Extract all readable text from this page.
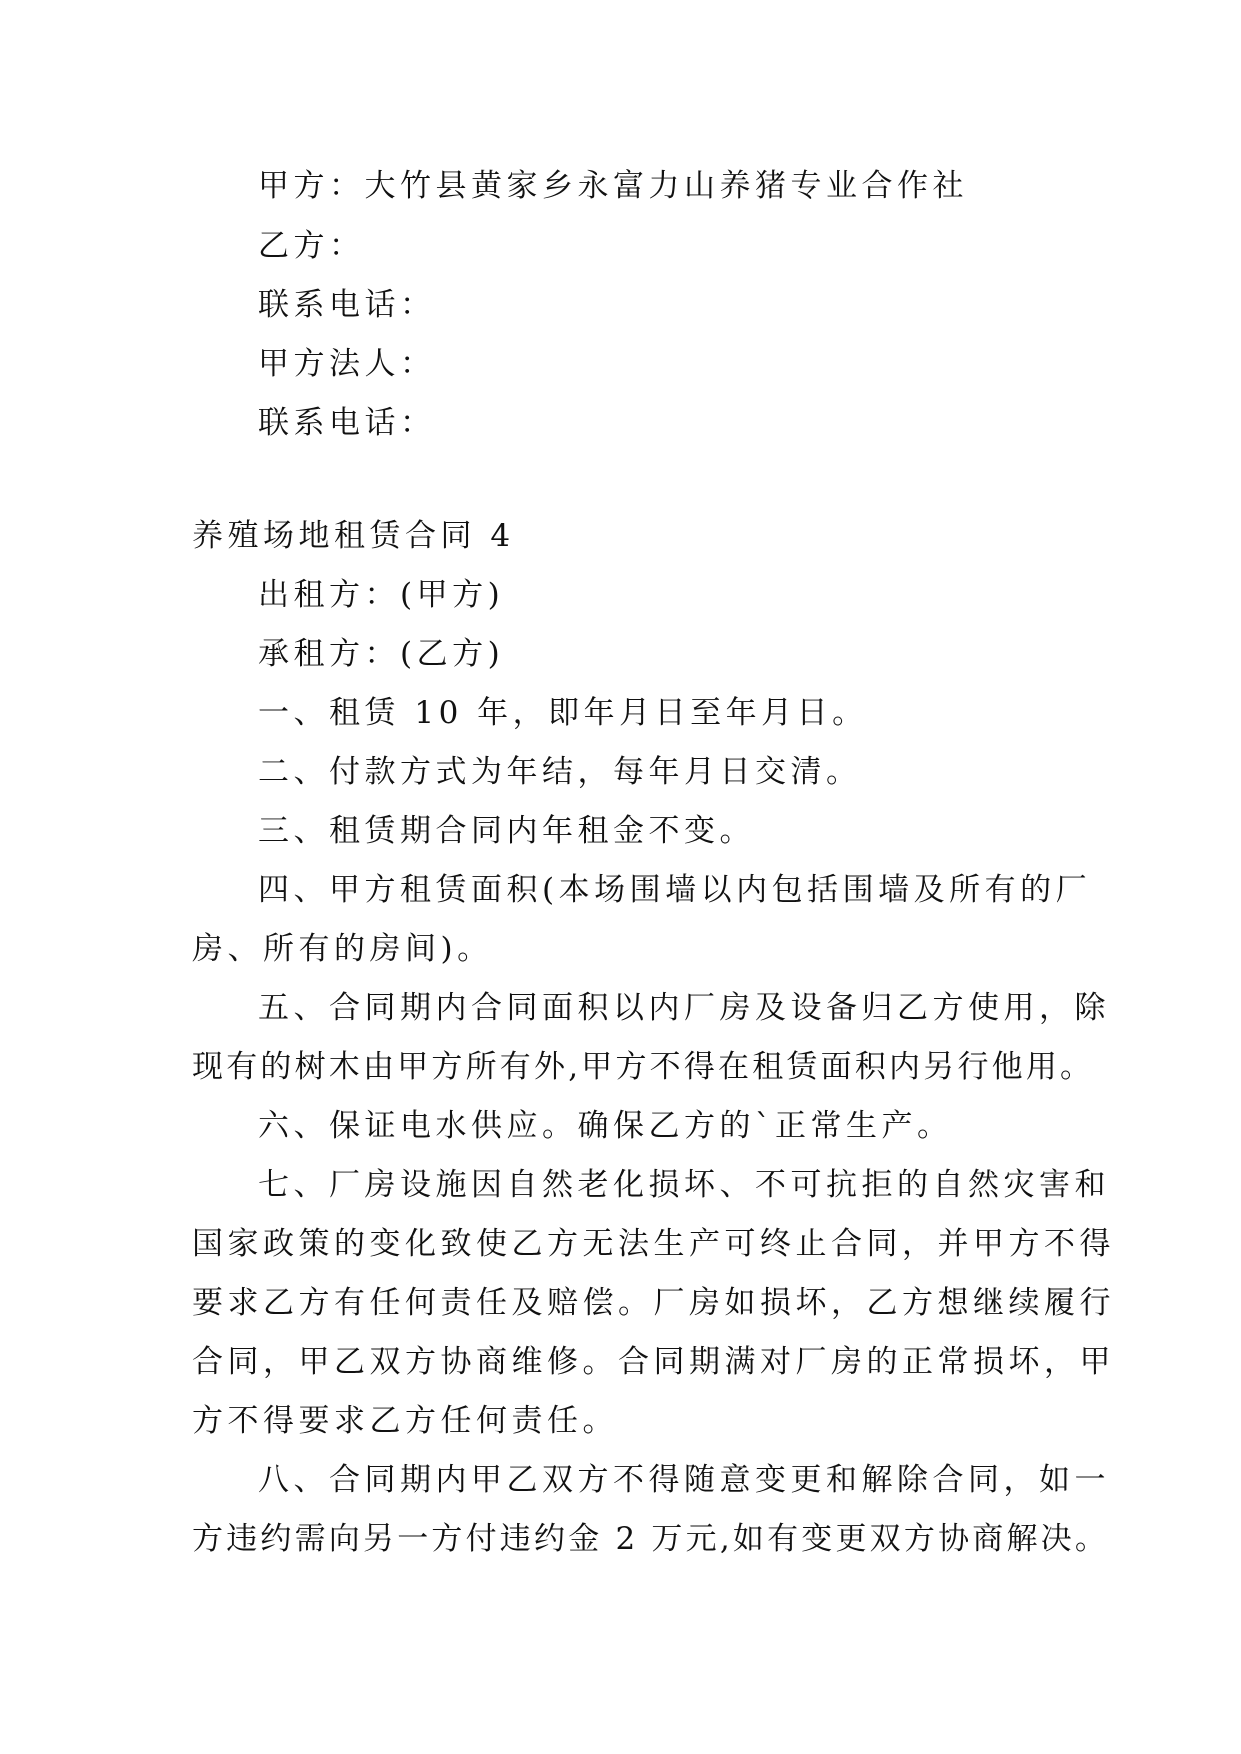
甲方：大竹县黄家乡永富力山养猪专业合作社
乙方：
联系电话：
甲方法人：
联系电话：
养殖场地租赁合同 4
出租方：(甲方)
承租方：(乙方)
一、租赁 10 年，即年月日至年月日。
二、付款方式为年结，每年月日交清。
三、租赁期合同内年租金不变。
四、甲方租赁面积(本场围墙以内包括围墙及所有的厂
房、所有的房间)。
五、合同期内合同面积以内厂房及设备归乙方使用，除
现有的树木由甲方所有外,甲方不得在租赁面积内另行他用。
六、保证电水供应。确保乙方的`正常生产。
七、厂房设施因自然老化损坏、不可抗拒的自然灾害和
国家政策的变化致使乙方无法生产可终止合同，并甲方不得
要求乙方有任何责任及赔偿。厂房如损坏，乙方想继续履行
合同，甲乙双方协商维修。合同期满对厂房的正常损坏，甲
方不得要求乙方任何责任。
八、合同期内甲乙双方不得随意变更和解除合同，如一
方违约需向另一方付违约金 2 万元,如有变更双方协商解决。
